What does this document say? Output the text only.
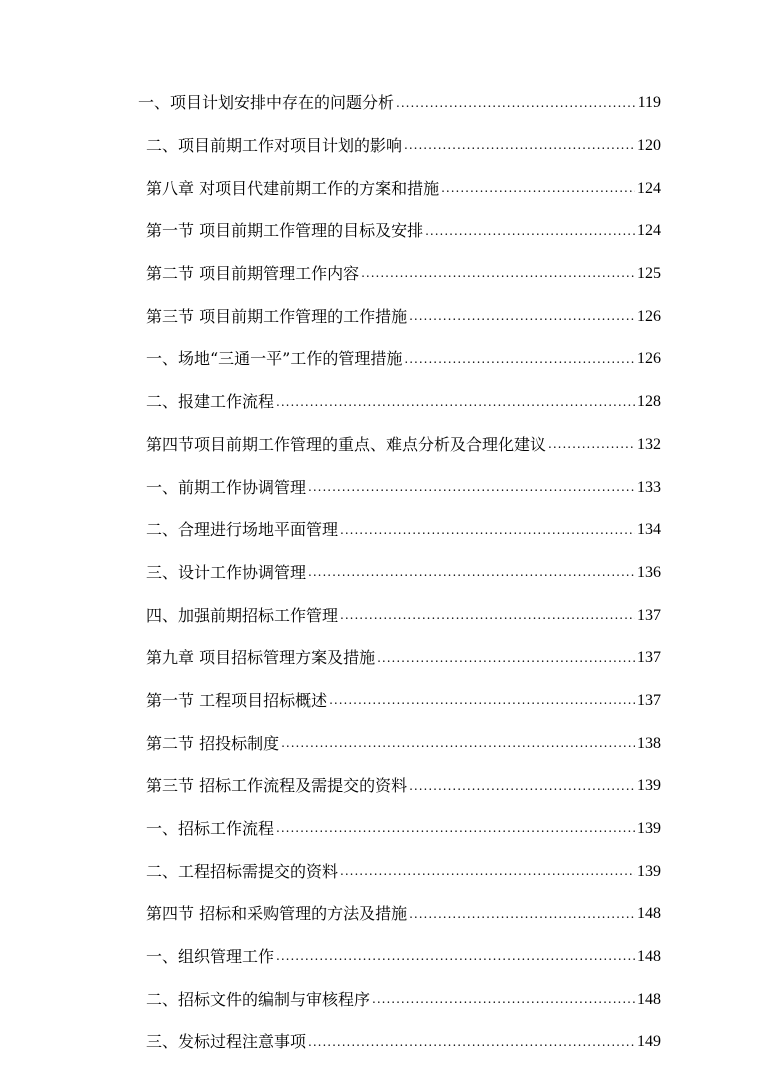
一、项目计划安排中存在的问题分析 .....	119
二、项目前期工作对项目计划的影响 .....	120
第八章 对项目代建前期工作的方案和措施 .....	124
第一节 项目前期工作管理的目标及安排 .....	124
第二节 项目前期管理工作内容 .....	125
第三节 项目前期工作管理的工作措施 .....	126
一、场地“三通一平”工作的管理措施 .....	126
二、报建工作流程 .....	128
第四节项目前期工作管理的重点、难点分析及合理化建议 .....	132
一、前期工作协调管理 .....	133
二、合理进行场地平面管理 .....	134
三、设计工作协调管理 .....	136
四、加强前期招标工作管理 .....	137
第九章 项目招标管理方案及措施 .....	137
第一节 工程项目招标概述 .....	137
第二节 招投标制度 .....	138
第三节 招标工作流程及需提交的资料 .....	139
一、招标工作流程 .....	139
二、工程招标需提交的资料 .....	139
第四节 招标和采购管理的方法及措施 .....	148
一、组织管理工作 .....	148
二、招标文件的编制与审核程序 .....	148
三、发标过程注意事项 .....	149
